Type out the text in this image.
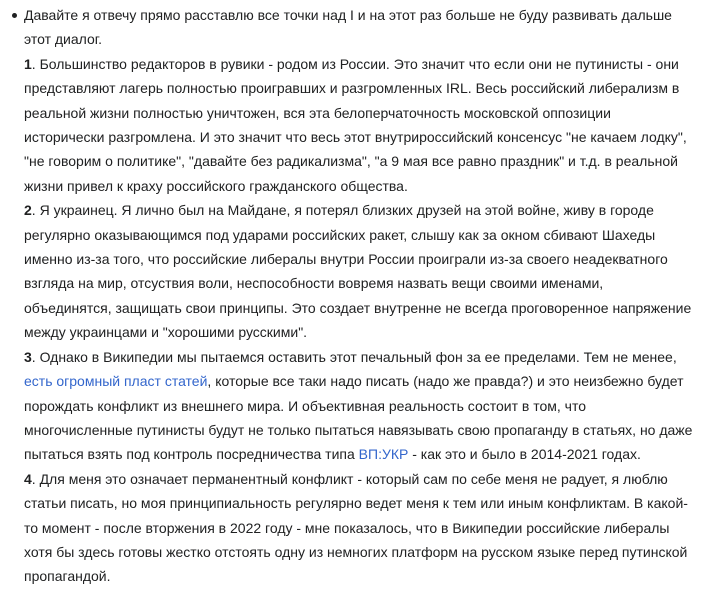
Давайте я отвечу прямо расставлю все точки над I и на этот раз больше не буду развивать дальше этот диалог.
1. Большинство редакторов в рувики - родом из России. Это значит что если они не путинисты - они представляют лагерь полностью проигравших и разгромленных IRL. Весь российский либерализм в реальной жизни полностью уничтожен, вся эта белоперчаточность московской оппозиции исторически разгромлена. И это значит что весь этот внутрироссийский консенсус "не качаем лодку", "не говорим о политике", "давайте без радикализма", "а 9 мая все равно праздник" и т.д. в реальной жизни привел к краху российского гражданского общества.
2. Я украинец. Я лично был на Майдане, я потерял близких друзей на этой войне, живу в городе регулярно оказывающимся под ударами российских ракет, слышу как за окном сбивают Шахеды именно из-за того, что российские либералы внутри России проиграли из-за своего неадекватного взгляда на мир, отсуствия воли, неспособности вовремя назвать вещи своими именами, объединятся, защищать свои принципы. Это создает внутренне не всегда проговоренное напряжение между украинцами и "хорошими русскими".
3. Однако в Википедии мы пытаемся оставить этот печальный фон за ее пределами. Тем не менее, есть огромный пласт статей, которые все таки надо писать (надо же правда?) и это неизбежно будет порождать конфликт из внешнего мира. И объективная реальность состоит в том, что многочисленные путинисты будут не только пытаться навязывать свою пропаганду в статьях, но даже пытаться взять под контроль посредничества типа ВП:УКР - как это и было в 2014-2021 годах.
4. Для меня это означает перманентный конфликт - который сам по себе меня не радует, я люблю статьи писать, но моя принципиальность регулярно ведет меня к тем или иным конфликтам. В какой-то момент - после вторжения в 2022 году - мне показалось, что в Википедии российские либералы хотя бы здесь готовы жестко отстоять одну из немногих платформ на русском языке перед путинской пропагандой.
